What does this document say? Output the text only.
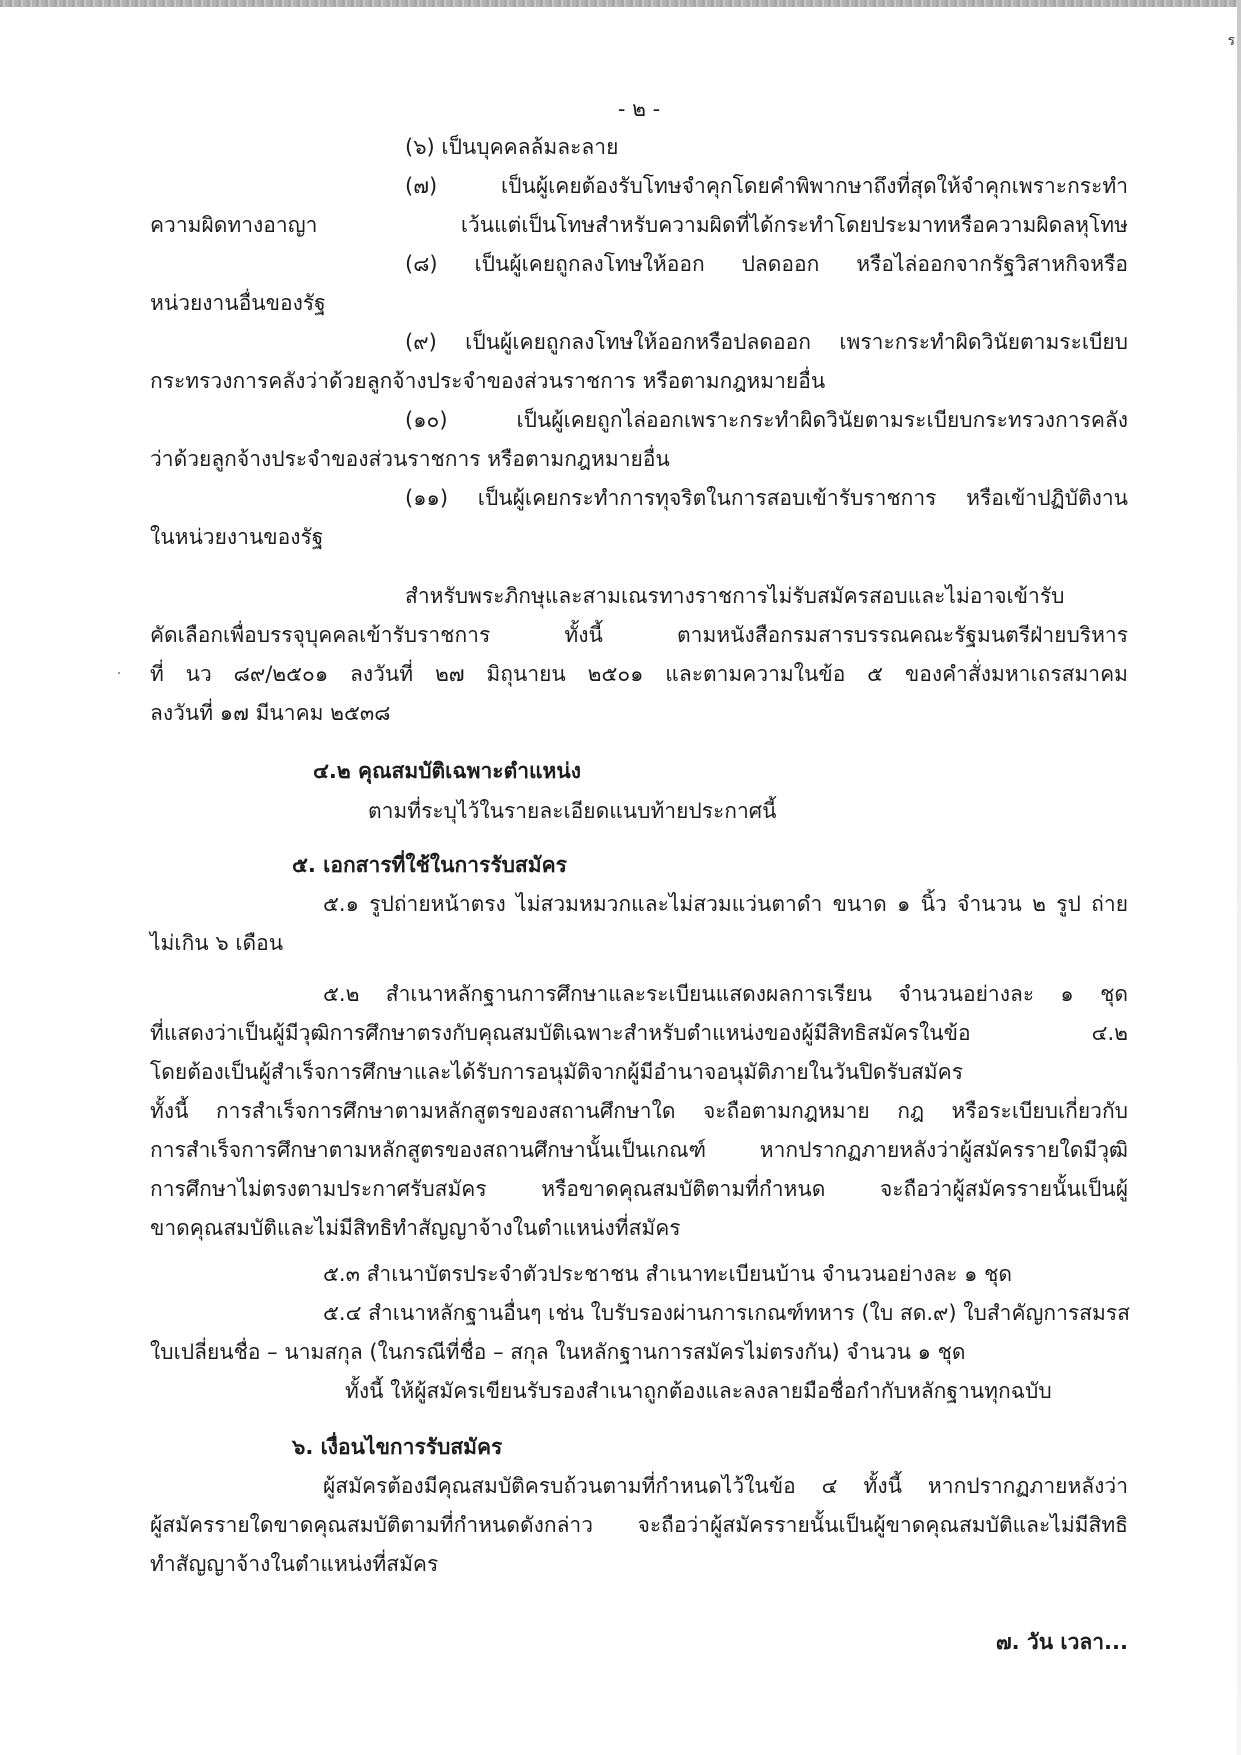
ร
- ๒ -
(๖) เป็นบุคคลล้มละลาย
(๗) เป็นผู้เคยต้องรับโทษจำคุกโดยคำพิพากษาถึงที่สุดให้จำคุกเพราะกระทำ
ความผิดทางอาญา เว้นแต่เป็นโทษสำหรับความผิดที่ได้กระทำโดยประมาทหรือความผิดลหุโทษ
(๘) เป็นผู้เคยถูกลงโทษให้ออก ปลดออก หรือไล่ออกจากรัฐวิสาหกิจหรือ
หน่วยงานอื่นของรัฐ
(๙) เป็นผู้เคยถูกลงโทษให้ออกหรือปลดออก เพราะกระทำผิดวินัยตามระเบียบ
กระทรวงการคลังว่าด้วยลูกจ้างประจำของส่วนราชการ หรือตามกฎหมายอื่น
(๑๐) เป็นผู้เคยถูกไล่ออกเพราะกระทำผิดวินัยตามระเบียบกระทรวงการคลัง
ว่าด้วยลูกจ้างประจำของส่วนราชการ หรือตามกฎหมายอื่น
(๑๑) เป็นผู้เคยกระทำการทุจริตในการสอบเข้ารับราชการ หรือเข้าปฏิบัติงาน
ในหน่วยงานของรัฐ
สำหรับพระภิกษุและสามเณรทางราชการไม่รับสมัครสอบและไม่อาจเข้ารับ
คัดเลือกเพื่อบรรจุบุคคลเข้ารับราชการ ทั้งนี้ ตามหนังสือกรมสารบรรณคณะรัฐมนตรีฝ่ายบริหาร
ที่ นว ๘๙/๒๕๐๑ ลงวันที่ ๒๗ มิถุนายน ๒๕๐๑ และตามความในข้อ ๕ ของคำสั่งมหาเถรสมาคม
ลงวันที่ ๑๗ มีนาคม ๒๕๓๘
๔.๒ คุณสมบัติเฉพาะตำแหน่ง
ตามที่ระบุไว้ในรายละเอียดแนบท้ายประกาศนี้
๕. เอกสารที่ใช้ในการรับสมัคร
๕.๑ รูปถ่ายหน้าตรง ไม่สวมหมวกและไม่สวมแว่นตาดำ ขนาด ๑ นิ้ว จำนวน ๒ รูป ถ่าย
ไม่เกิน ๖ เดือน
๕.๒ สำเนาหลักฐานการศึกษาและระเบียนแสดงผลการเรียน จำนวนอย่างละ ๑ ชุด
ที่แสดงว่าเป็นผู้มีวุฒิการศึกษาตรงกับคุณสมบัติเฉพาะสำหรับตำแหน่งของผู้มีสิทธิสมัครในข้อ ๔.๒
โดยต้องเป็นผู้สำเร็จการศึกษาและได้รับการอนุมัติจากผู้มีอำนาจอนุมัติภายในวันปิดรับสมัคร
ทั้งนี้ การสำเร็จการศึกษาตามหลักสูตรของสถานศึกษาใด จะถือตามกฎหมาย กฎ หรือระเบียบเกี่ยวกับ
การสำเร็จการศึกษาตามหลักสูตรของสถานศึกษานั้นเป็นเกณฑ์ หากปรากฏภายหลังว่าผู้สมัครรายใดมีวุฒิ
การศึกษาไม่ตรงตามประกาศรับสมัคร หรือขาดคุณสมบัติตามที่กำหนด จะถือว่าผู้สมัครรายนั้นเป็นผู้
ขาดคุณสมบัติและไม่มีสิทธิทำสัญญาจ้างในตำแหน่งที่สมัคร
๕.๓ สำเนาบัตรประจำตัวประชาชน สำเนาทะเบียนบ้าน จำนวนอย่างละ ๑ ชุด
๕.๔ สำเนาหลักฐานอื่นๆ เช่น ใบรับรองผ่านการเกณฑ์ทหาร (ใบ สด.๙) ใบสำคัญการสมรส
ใบเปลี่ยนชื่อ – นามสกุล (ในกรณีที่ชื่อ – สกุล ในหลักฐานการสมัครไม่ตรงกัน) จำนวน ๑ ชุด
ทั้งนี้ ให้ผู้สมัครเขียนรับรองสำเนาถูกต้องและลงลายมือชื่อกำกับหลักฐานทุกฉบับ
๖. เงื่อนไขการรับสมัคร
ผู้สมัครต้องมีคุณสมบัติครบถ้วนตามที่กำหนดไว้ในข้อ ๔ ทั้งนี้ หากปรากฏภายหลังว่า
ผู้สมัครรายใดขาดคุณสมบัติตามที่กำหนดดังกล่าว จะถือว่าผู้สมัครรายนั้นเป็นผู้ขาดคุณสมบัติและไม่มีสิทธิ
ทำสัญญาจ้างในตำแหน่งที่สมัคร
๗. วัน เวลา...
